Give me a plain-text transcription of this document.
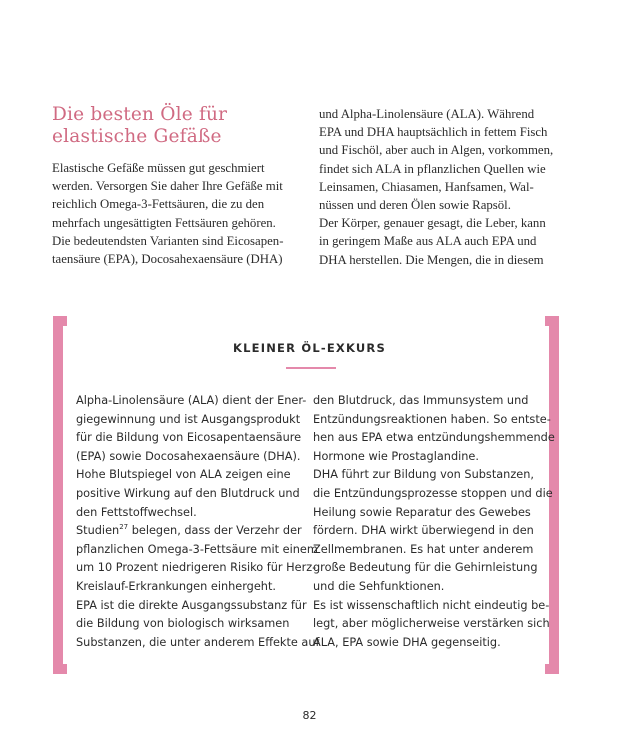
Die besten Öle für
elastische Gefäße
Elastische Gefäße müssen gut geschmiert
werden. Versorgen Sie daher Ihre Gefäße mit
reichlich Omega-3-Fettsäuren, die zu den
mehrfach ungesättigten Fettsäuren gehören.
Die bedeutendsten Varianten sind Eicosapen-
taensäure (EPA), Docosahexaensäure (DHA)
und Alpha-Linolensäure (ALA). Während
EPA und DHA hauptsächlich in fettem Fisch
und Fischöl, aber auch in Algen, vorkommen,
findet sich ALA in pflanzlichen Quellen wie
Leinsamen, Chiasamen, Hanfsamen, Wal-
nüssen und deren Ölen sowie Rapsöl.
Der Körper, genauer gesagt, die Leber, kann
in geringem Maße aus ALA auch EPA und
DHA herstellen. Die Mengen, die in diesem
KLEINER ÖL-EXKURS
Alpha-Linolensäure (ALA) dient der Ener-
giegewinnung und ist Ausgangsprodukt
für die Bildung von Eicosapentaensäure
(EPA) sowie Docosahexaensäure (DHA).
Hohe Blutspiegel von ALA zeigen eine
positive Wirkung auf den Blutdruck und
den Fettstoffwechsel.
Studien$^{27}$ belegen, dass der Verzehr der
pflanzlichen Omega-3-Fettsäure mit einem
um 10 Prozent niedrigeren Risiko für Herz-
Kreislauf-Erkrankungen einhergeht.
EPA ist die direkte Ausgangssubstanz für
die Bildung von biologisch wirksamen
Substanzen, die unter anderem Effekte auf
den Blutdruck, das Immunsystem und
Entzündungsreaktionen haben. So entste-
hen aus EPA etwa entzündungshemmende
Hormone wie Prostaglandine.
DHA führt zur Bildung von Substanzen,
die Entzündungsprozesse stoppen und die
Heilung sowie Reparatur des Gewebes
fördern. DHA wirkt überwiegend in den
Zellmembranen. Es hat unter anderem
große Bedeutung für die Gehirnleistung
und die Sehfunktionen.
Es ist wissenschaftlich nicht eindeutig be-
legt, aber möglicherweise verstärken sich
ALA, EPA sowie DHA gegenseitig.
82
